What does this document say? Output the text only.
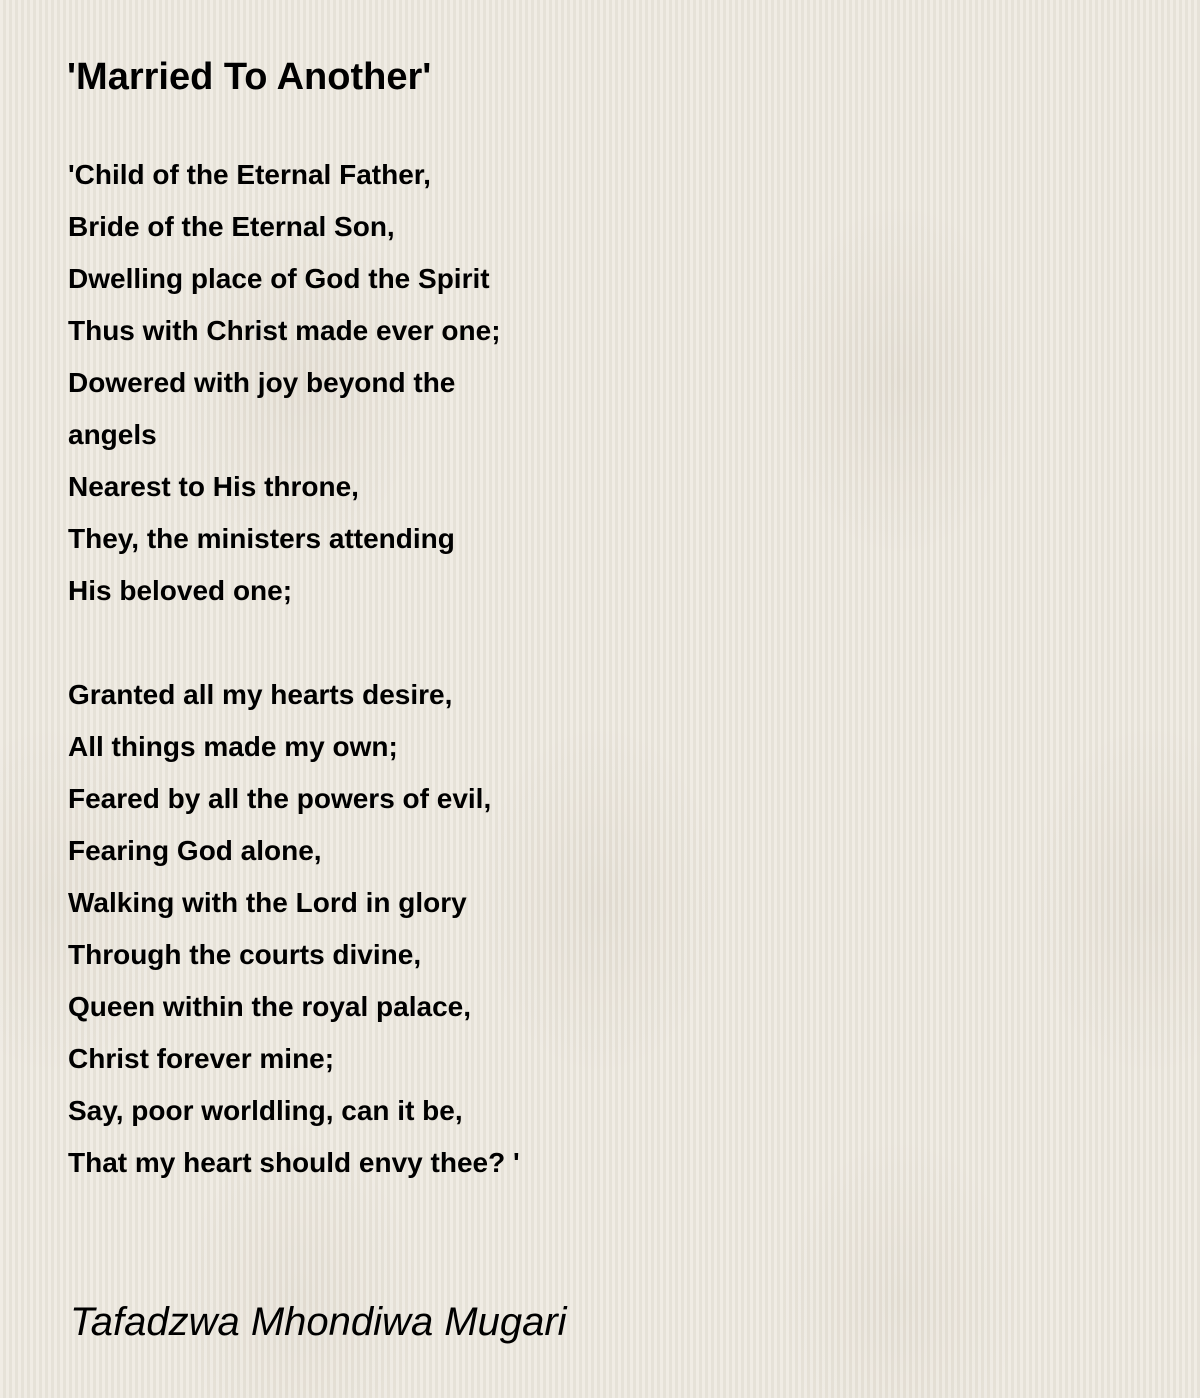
'Married To Another'
'Child of the Eternal Father,
Bride of the Eternal Son,
Dwelling place of God the Spirit
Thus with Christ made ever one;
Dowered with joy beyond the
angels
Nearest to His throne,
They, the ministers attending
His beloved one;
Granted all my hearts desire,
All things made my own;
Feared by all the powers of evil,
Fearing God alone,
Walking with the Lord in glory
Through the courts divine,
Queen within the royal palace,
Christ forever mine;
Say, poor worldling, can it be,
That my heart should envy thee? '

Tafadzwa Mhondiwa Mugari
